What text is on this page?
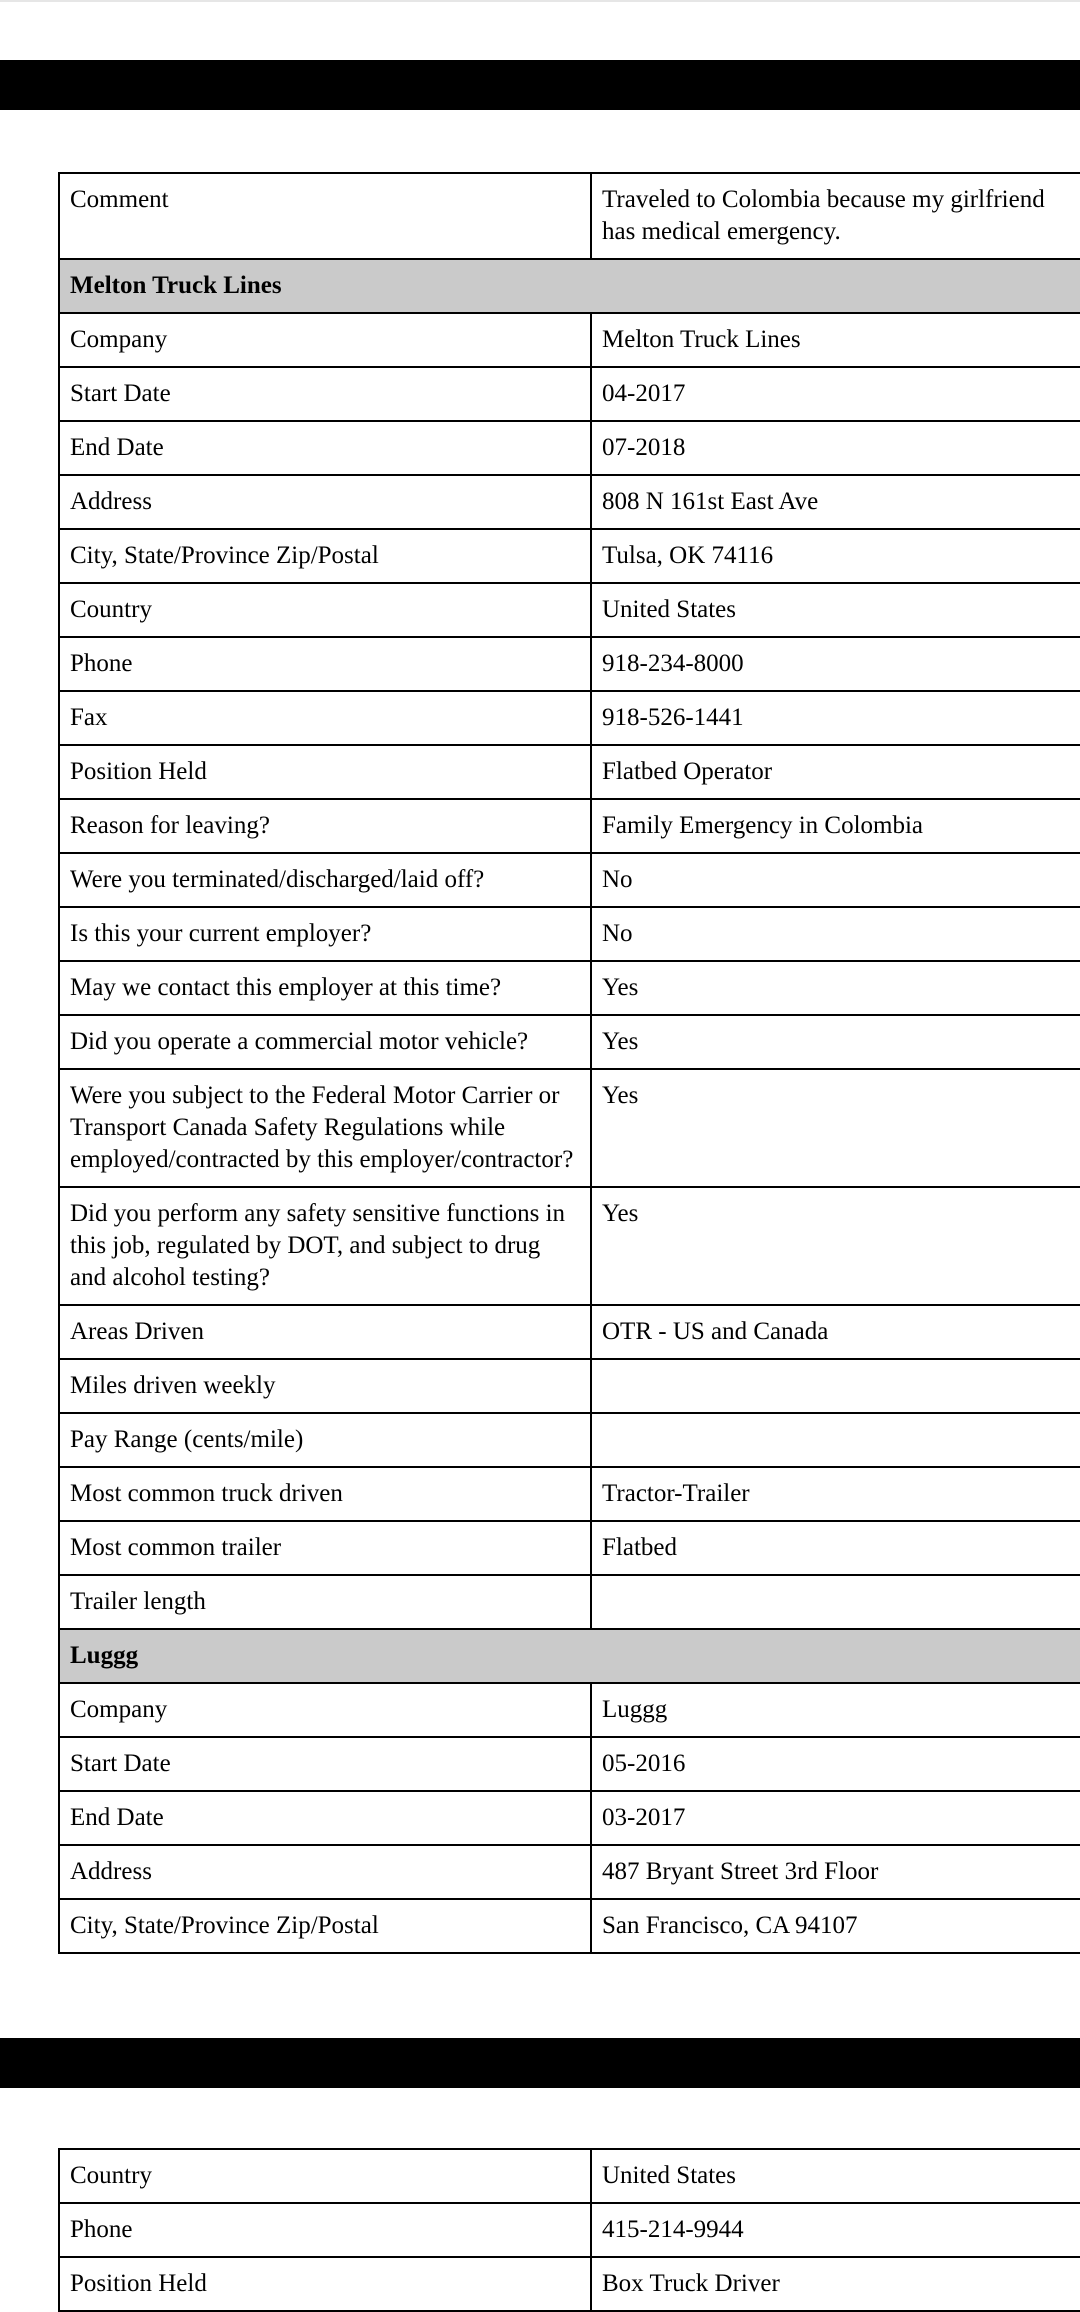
Comment	Traveled to Colombia because my girlfriend has medical emergency.
Melton Truck Lines	
Company	Melton Truck Lines
Start Date	04-2017
End Date	07-2018
Address	808 N 161st East Ave
City, State/Province Zip/Postal	Tulsa, OK 74116
Country	United States
Phone	918-234-8000
Fax	918-526-1441
Position Held	Flatbed Operator
Reason for leaving?	Family Emergency in Colombia
Were you terminated/discharged/laid off?	No
Is this your current employer?	No
May we contact this employer at this time?	Yes
Did you operate a commercial motor vehicle?	Yes
Were you subject to the Federal Motor Carrier or Transport Canada Safety Regulations while employed/contracted by this employer/contractor?	Yes
Did you perform any safety sensitive functions in this job, regulated by DOT, and subject to drug and alcohol testing?	Yes
Areas Driven	OTR - US and Canada
Miles driven weekly	
Pay Range (cents/mile)	
Most common truck driven	Tractor-Trailer
Most common trailer	Flatbed
Trailer length	
Luggg	
Company	Luggg
Start Date	05-2016
End Date	03-2017
Address	487 Bryant Street 3rd Floor
City, State/Province Zip/Postal	San Francisco, CA 94107
Country	United States
Phone	415-214-9944
Position Held	Box Truck Driver
